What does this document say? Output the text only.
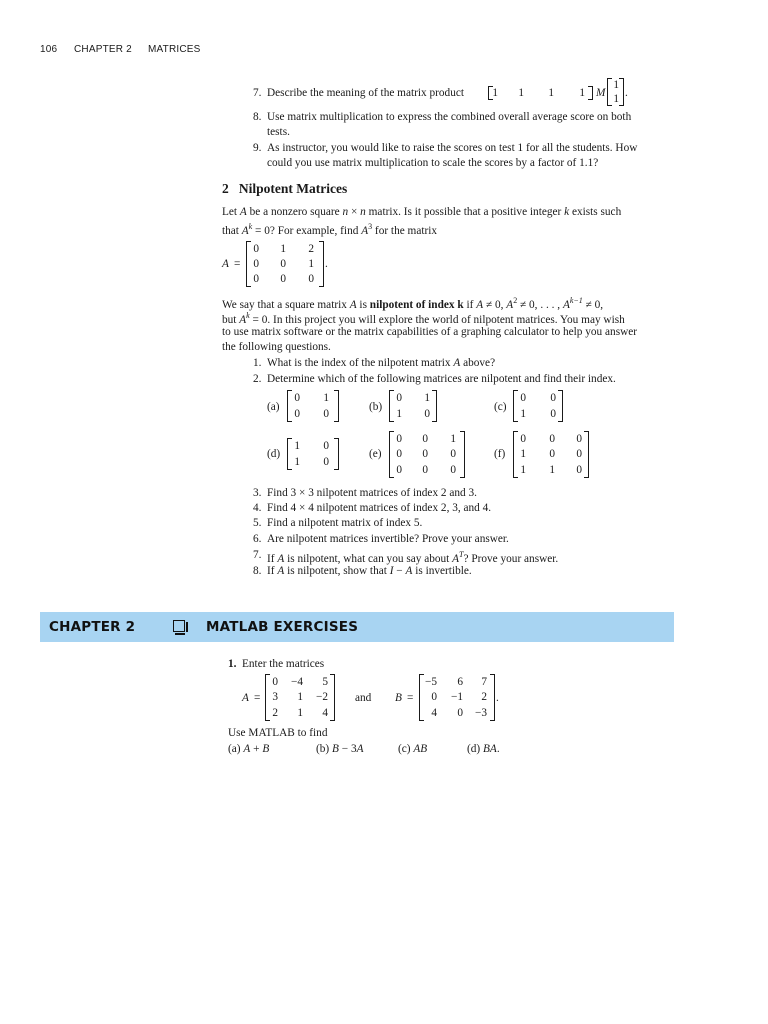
106 CHAPTER 2 MATRICES
7. Describe the meaning of the matrix product	1 1 1 1 M
1
1 .
8. Use matrix multiplication to express the combined overall average score on both
tests.
9. As instructor, you would like to raise the scores on test 1 for all the students. How
could you use matrix multiplication to scale the scores by a factor of 1.1?
2   Nilpotent Matrices
Let A be a nonzero square n × n matrix. Is it possible that a positive integer k exists such
that $A^k = 0$? For example, find $A^3$ for the matrix
A =
0 1 2
0 0 1
0 0 0
.
We say that a square matrix A is nilpotent of index k if A ≠ 0, $A^2 \ne 0$, . . . , $A^{k-1} \ne 0$,
but $A^k = 0$. In this project you will explore the world of nilpotent matrices. You may wish
to use matrix software or the matrix capabilities of a graphing calculator to help you answer
the following questions.
1. What is the index of the nilpotent matrix A above?
2. Determine which of the following matrices are nilpotent and find their index.
(a)
0 1
0 0
(b)
0 1
1 0
(c)
0 0
1 0
(d)
1 0
1 0
(e)
0 0 1
0 0 0
0 0 0
(f)
0 0 0
1 0 0
1 1 0
3. Find 3 × 3 nilpotent matrices of index 2 and 3.
4. Find 4 × 4 nilpotent matrices of index 2, 3, and 4.
5. Find a nilpotent matrix of index 5.
6. Are nilpotent matrices invertible? Prove your answer.
7. If A is nilpotent, what can you say about $A^T$? Prove your answer.
8. If A is nilpotent, show that I − A is invertible.
CHAPTER 2	MATLAB EXERCISES
1. Enter the matrices
A =
0	−4	5
3	1	−2
2	1	4
and B =
−5	6	7
0	−1	2
4	0	−3
.
Use MATLAB to find
(a) A + B	(b) B − 3A	(c) AB	(d) BA.
